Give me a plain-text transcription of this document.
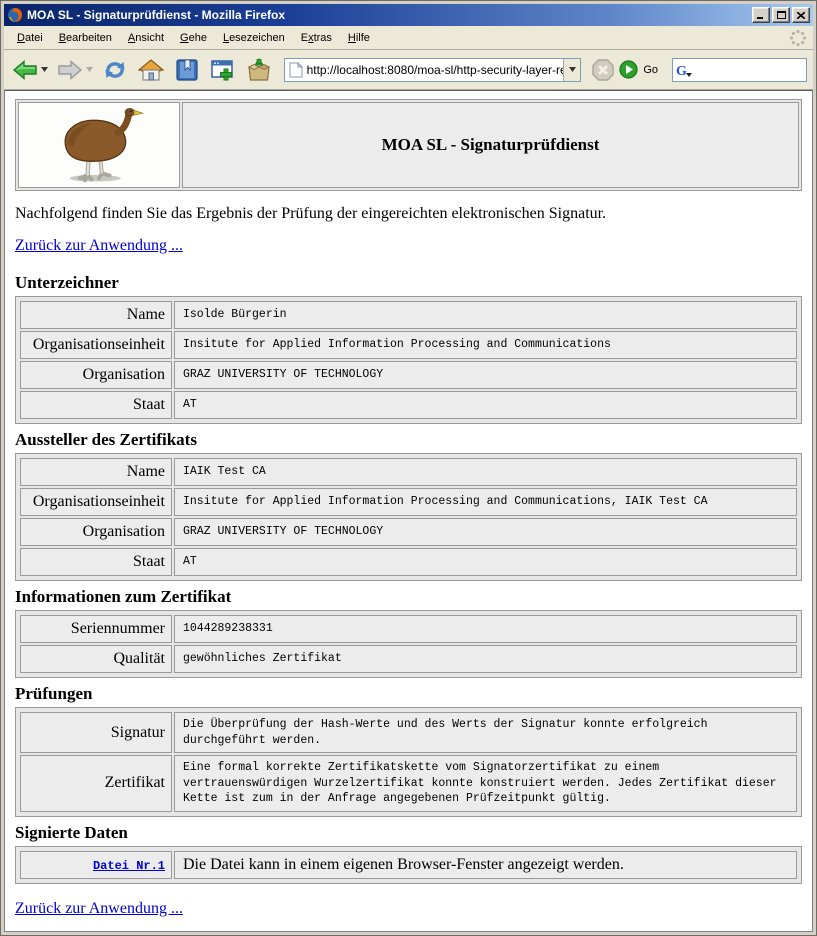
MOA SL - Signaturprüfdienst - Mozilla Firefox
Datei	Bearbeiten	Ansicht	Gehe	Lesezeichen	Extras	Hilfe
http://localhost:8080/moa-sl/http-security-layer-requ
Go G
MOA SL - Signaturprüfdienst

Nachfolgend finden Sie das Ergebnis der Prüfung der eingereichten elektronischen Signatur.

Zurück zur Anwendung ...
Unterzeichner
Name	Isolde Bürgerin
Organisationseinheit	Insitute for Applied Information Processing and Communications
Organisation	GRAZ UNIVERSITY OF TECHNOLOGY
Staat	AT
Aussteller des Zertifikats
Name	IAIK Test CA
Organisationseinheit	Insitute for Applied Information Processing and Communications, IAIK Test CA
Organisation	GRAZ UNIVERSITY OF TECHNOLOGY
Staat	AT
Informationen zum Zertifikat
Seriennummer	1044289238331
Qualität	gewöhnliches Zertifikat
Prüfungen
Signatur	Die Überprüfung der Hash-Werte und des Werts der Signatur konnte erfolgreich durchgeführt werden.
Zertifikat	Eine formal korrekte Zertifikatskette vom Signatorzertifikat zu einem vertrauenswürdigen Wurzelzertifikat konnte konstruiert werden. Jedes Zertifikat dieser Kette ist zum in der Anfrage angegebenen Prüfzeitpunkt gültig.
Signierte Daten
Datei Nr.1	Die Datei kann in einem eigenen Browser-Fenster angezeigt werden.
Zurück zur Anwendung ...
